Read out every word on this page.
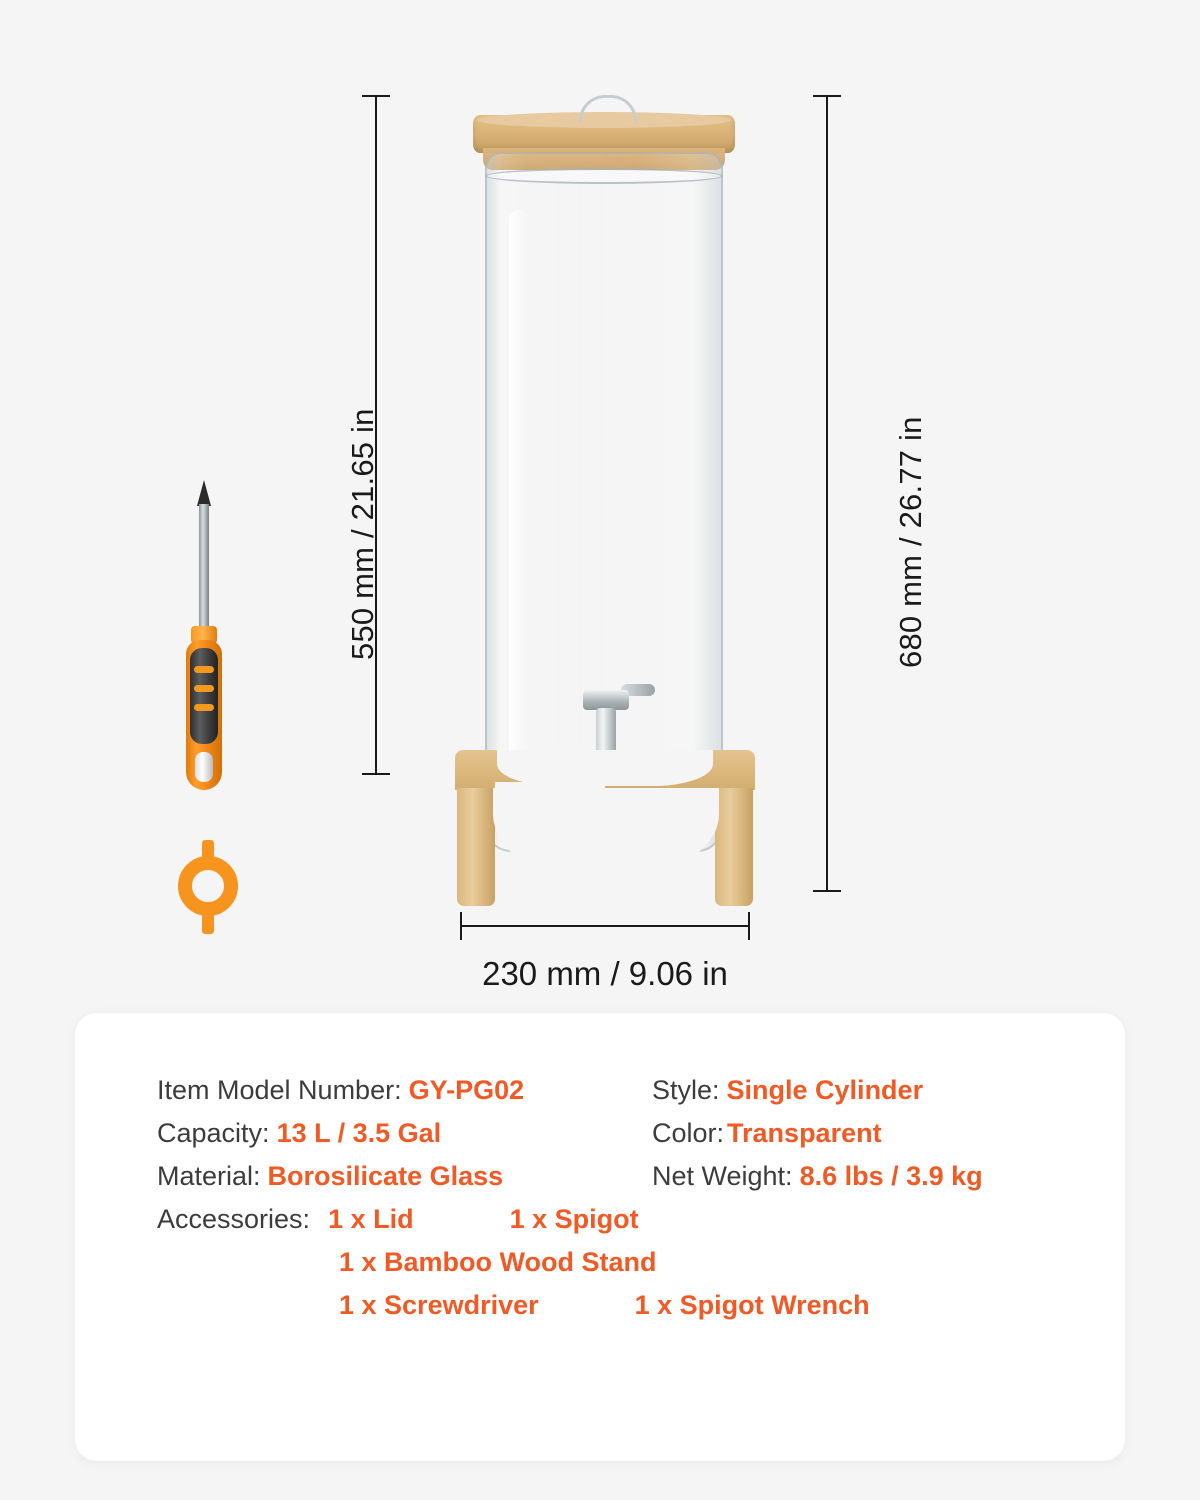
550 mm / 21.65 in	680 mm / 26.77 in
230 mm / 9.06 in
Item Model Number: GY-PG02	Style: Single Cylinder
Capacity: 13 L / 3.5 Gal	Color: Transparent
Material: Borosilicate Glass	Net Weight: 8.6 lbs / 3.9 kg
Accessories: 1 x Lid	1 x Spigot
1 x Bamboo Wood Stand
1 x Screwdriver	1 x Spigot Wrench
